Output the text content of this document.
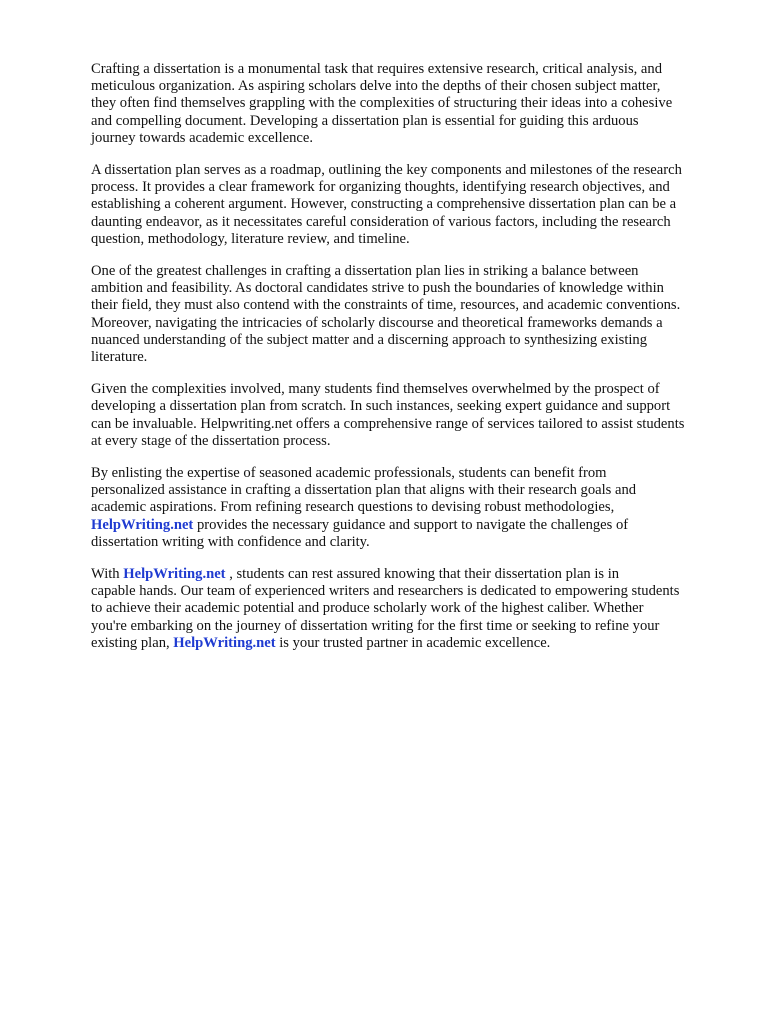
Crafting a dissertation is a monumental task that requires extensive research, critical analysis, and
meticulous organization. As aspiring scholars delve into the depths of their chosen subject matter,
they often find themselves grappling with the complexities of structuring their ideas into a cohesive
and compelling document. Developing a dissertation plan is essential for guiding this arduous
journey towards academic excellence.

A dissertation plan serves as a roadmap, outlining the key components and milestones of the research
process. It provides a clear framework for organizing thoughts, identifying research objectives, and
establishing a coherent argument. However, constructing a comprehensive dissertation plan can be a
daunting endeavor, as it necessitates careful consideration of various factors, including the research
question, methodology, literature review, and timeline.

One of the greatest challenges in crafting a dissertation plan lies in striking a balance between
ambition and feasibility. As doctoral candidates strive to push the boundaries of knowledge within
their field, they must also contend with the constraints of time, resources, and academic conventions.
Moreover, navigating the intricacies of scholarly discourse and theoretical frameworks demands a
nuanced understanding of the subject matter and a discerning approach to synthesizing existing
literature.

Given the complexities involved, many students find themselves overwhelmed by the prospect of
developing a dissertation plan from scratch. In such instances, seeking expert guidance and support
can be invaluable. Helpwriting.net offers a comprehensive range of services tailored to assist students
at every stage of the dissertation process.

By enlisting the expertise of seasoned academic professionals, students can benefit from
personalized assistance in crafting a dissertation plan that aligns with their research goals and
academic aspirations. From refining research questions to devising robust methodologies,
HelpWriting.net provides the necessary guidance and support to navigate the challenges of
dissertation writing with confidence and clarity.

With HelpWriting.net , students can rest assured knowing that their dissertation plan is in
capable hands. Our team of experienced writers and researchers is dedicated to empowering students
to achieve their academic potential and produce scholarly work of the highest caliber. Whether
you're embarking on the journey of dissertation writing for the first time or seeking to refine your
existing plan, HelpWriting.net is your trusted partner in academic excellence.
